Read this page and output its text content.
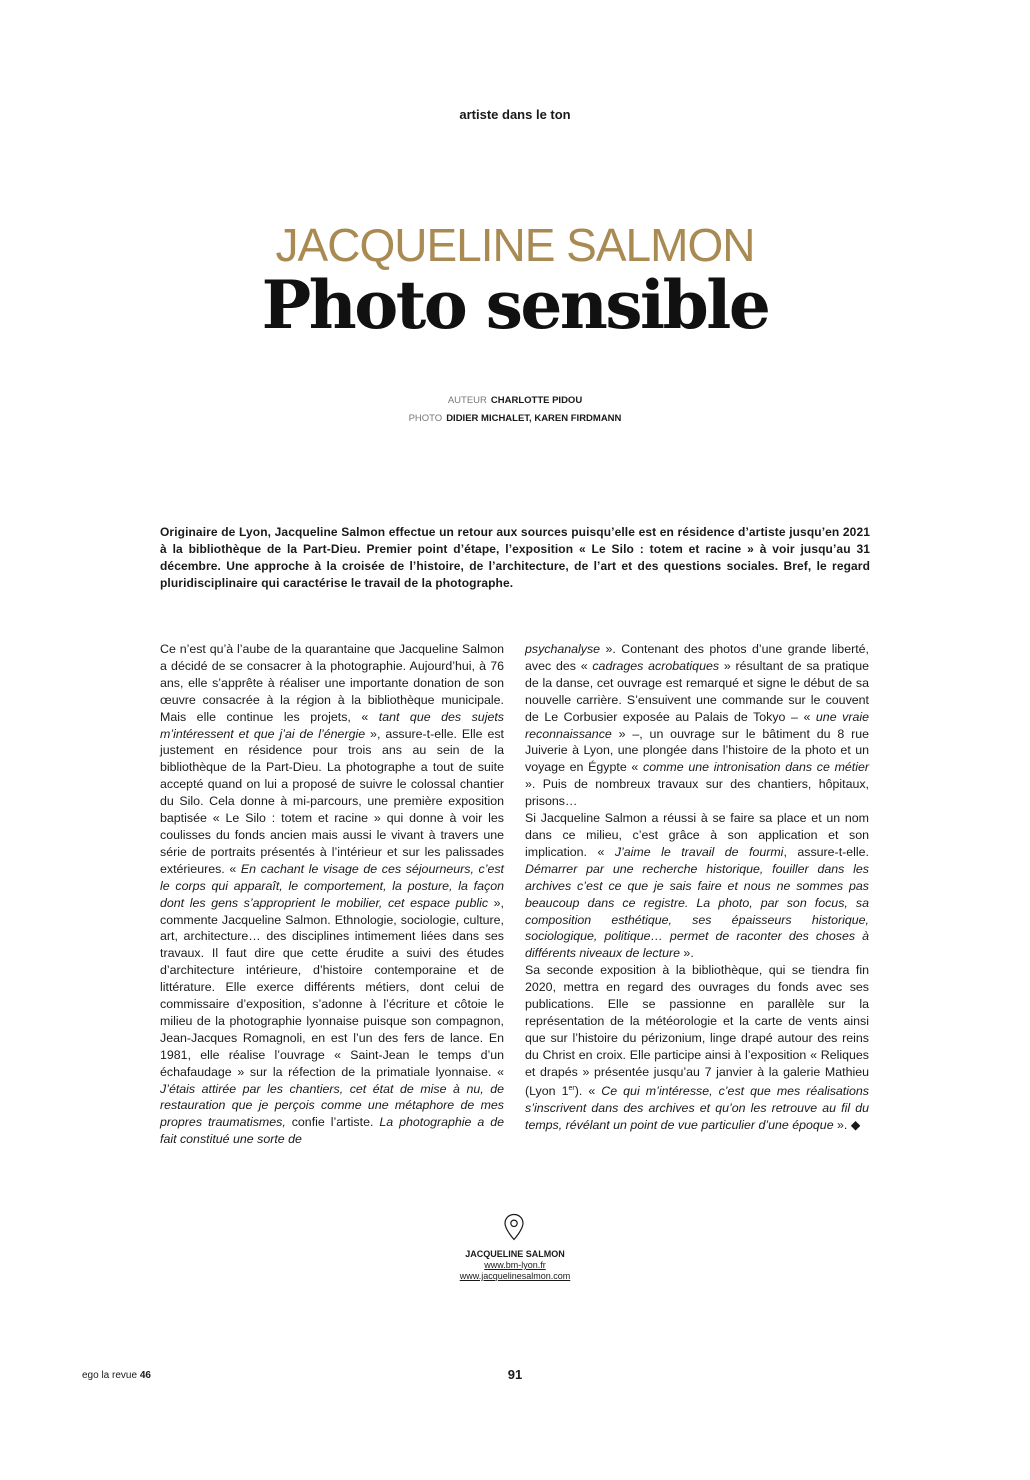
artiste dans le ton
JACQUELINE SALMON
Photo sensible
AUTEUR CHARLOTTE PIDOU
PHOTO DIDIER MICHALET, KAREN FIRDMANN
Originaire de Lyon, Jacqueline Salmon effectue un retour aux sources puisqu’elle est en résidence d’artiste jusqu’en 2021 à la bibliothèque de la Part-Dieu. Premier point d’étape, l’exposition « Le Silo : totem et racine » à voir jusqu’au 31 décembre. Une approche à la croisée de l’histoire, de l’architecture, de l’art et des questions sociales. Bref, le regard pluridisciplinaire qui caractérise le travail de la photographe.

Ce n’est qu’à l’aube de la quarantaine que Jacqueline Salmon a décidé de se consacrer à la photographie. Aujourd’hui, à 76 ans, elle s’apprête à réaliser une importante donation de son œuvre consacrée à la région à la bibliothèque municipale. Mais elle continue les projets, « tant que des sujets m’intéressent et que j’ai de l’énergie », assure-t-elle. Elle est justement en résidence pour trois ans au sein de la bibliothèque de la Part-Dieu. La photographe a tout de suite accepté quand on lui a proposé de suivre le colossal chantier du Silo. Cela donne à mi-parcours, une première exposition baptisée « Le Silo : totem et racine » qui donne à voir les coulisses du fonds ancien mais aussi le vivant à travers une série de portraits présentés à l’intérieur et sur les palissades extérieures. « En cachant le visage de ces séjourneurs, c’est le corps qui apparaît, le comportement, la posture, la façon dont les gens s’approprient le mobilier, cet espace public », commente Jacqueline Salmon. Ethnologie, sociologie, culture, art, architecture… des disciplines intimement liées dans ses travaux. Il faut dire que cette érudite a suivi des études d’architecture intérieure, d’histoire contemporaine et de littérature. Elle exerce différents métiers, dont celui de commissaire d’exposition, s’adonne à l’écriture et côtoie le milieu de la photographie lyonnaise puisque son compagnon, Jean-Jacques Romagnoli, en est l’un des fers de lance. En 1981, elle réalise l’ouvrage « Saint-Jean le temps d’un échafaudage » sur la réfection de la primatiale lyonnaise. « J’étais attirée par les chantiers, cet état de mise à nu, de restauration que je perçois comme une métaphore de mes propres traumatismes, confie l’artiste. La photographie a de fait constitué une sorte de

psychanalyse ». Contenant des photos d’une grande liberté, avec des « cadrages acrobatiques » résultant de sa pratique de la danse, cet ouvrage est remarqué et signe le début de sa nouvelle carrière. S’ensuivent une commande sur le couvent de Le Corbusier exposée au Palais de Tokyo – « une vraie reconnaissance » –, un ouvrage sur le bâtiment du 8 rue Juiverie à Lyon, une plongée dans l’histoire de la photo et un voyage en Égypte « comme une intronisation dans ce métier ». Puis de nombreux travaux sur des chantiers, hôpitaux, prisons…

Si Jacqueline Salmon a réussi à se faire sa place et un nom dans ce milieu, c’est grâce à son application et son implication. « J’aime le travail de fourmi, assure-t-elle. Démarrer par une recherche historique, fouiller dans les archives c’est ce que je sais faire et nous ne sommes pas beaucoup dans ce registre. La photo, par son focus, sa composition esthétique, ses épaisseurs historique, sociologique, politique… permet de raconter des choses à différents niveaux de lecture ».

Sa seconde exposition à la bibliothèque, qui se tiendra fin 2020, mettra en regard des ouvrages du fonds avec ses publications. Elle se passionne en parallèle sur la représentation de la météorologie et la carte de vents ainsi que sur l’histoire du périzonium, linge drapé autour des reins du Christ en croix. Elle participe ainsi à l’exposition « Reliques et drapés » présentée jusqu’au 7 janvier à la galerie Mathieu (Lyon 1er). « Ce qui m’intéresse, c’est que mes réalisations s’inscrivent dans des archives et qu’on les retrouve au fil du temps, révélant un point de vue particulier d’une époque ». ◆

JACQUELINE SALMON
www.bm-lyon.fr
www.jacquelinesalmon.com
ego la revue 46	91
